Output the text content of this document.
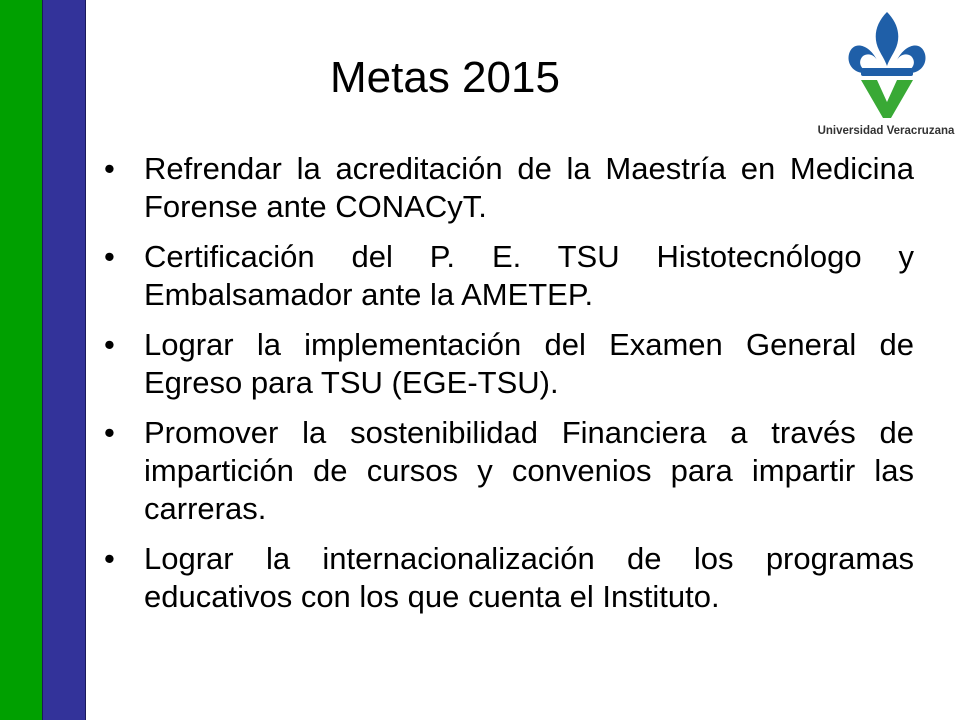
Metas 2015
Universidad Veracruzana
• Refrendar la acreditación de la Maestría en Medicina Forense ante CONACyT.
• Certificación del P. E. TSU Histotecnólogo y Embalsamador ante la AMETEP.
• Lograr la implementación del Examen General de Egreso para TSU (EGE-TSU).
• Promover la sostenibilidad Financiera a través de impartición de cursos y convenios para impartir las carreras.
• Lograr la internacionalización de los programas educativos con los que cuenta el Instituto.
